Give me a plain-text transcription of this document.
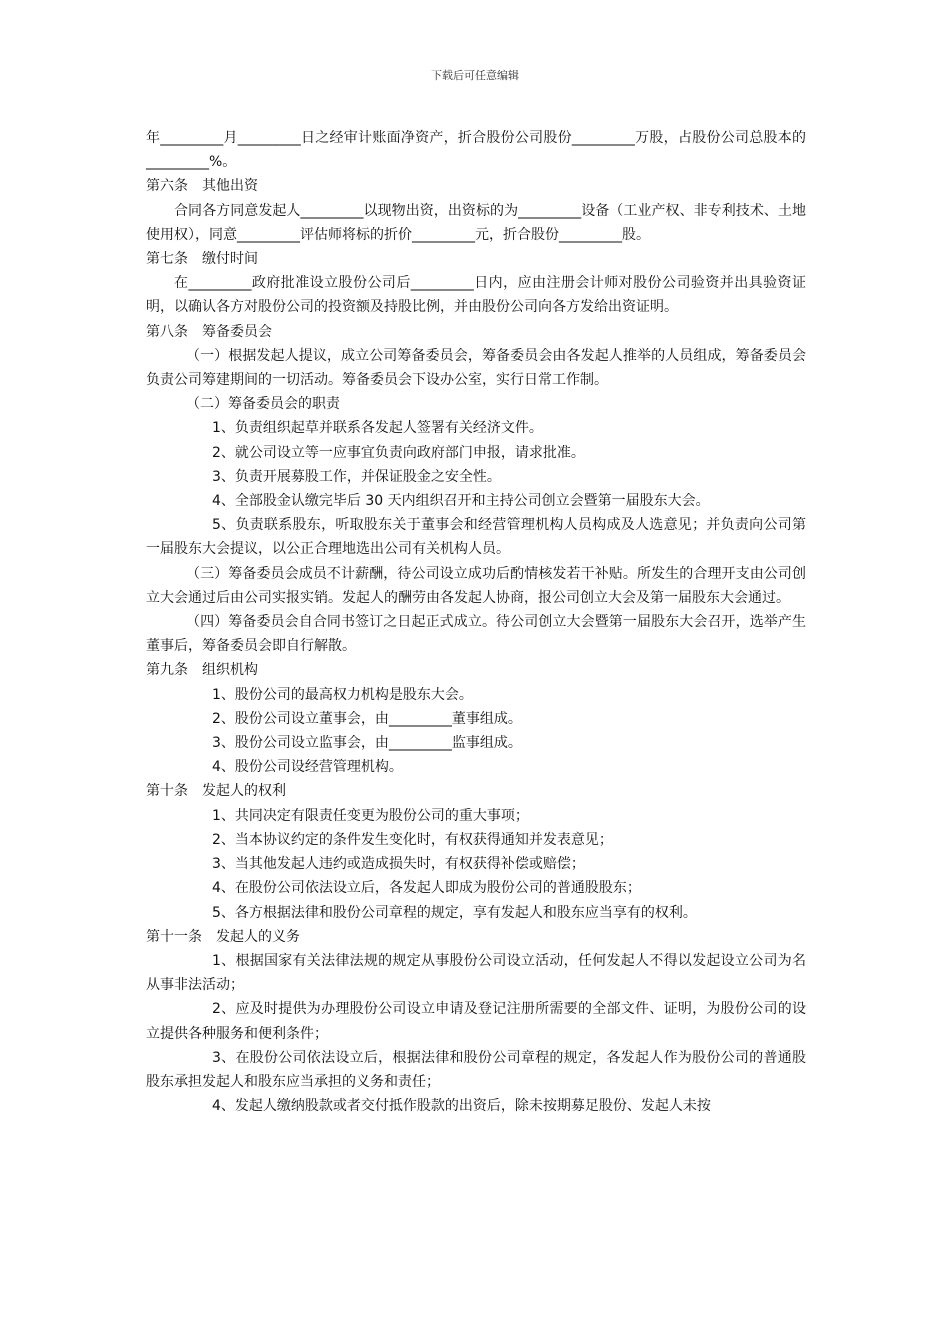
下载后可任意编辑

年_________月_________日之经审计账面净资产，折合股份公司股份_________万股，占股份公司总股本的_________%。

第六条　其他出资

合同各方同意发起人_________以现物出资，出资标的为_________设备（工业产权、非专利技术、土地使用权），同意_________评估师将标的折价_________元，折合股份_________股。

第七条　缴付时间

在_________政府批准设立股份公司后_________日内，应由注册会计师对股份公司验资并出具验资证明，以确认各方对股份公司的投资额及持股比例，并由股份公司向各方发给出资证明。

第八条　筹备委员会

（一）根据发起人提议，成立公司筹备委员会，筹备委员会由各发起人推举的人员组成，筹备委员会负责公司筹建期间的一切活动。筹备委员会下设办公室，实行日常工作制。

（二）筹备委员会的职责

1、负责组织起草并联系各发起人签署有关经济文件。

2、就公司设立等一应事宜负责向政府部门申报，请求批准。

3、负责开展募股工作，并保证股金之安全性。

4、全部股金认缴完毕后 30 天内组织召开和主持公司创立会暨第一届股东大会。

5、负责联系股东，听取股东关于董事会和经营管理机构人员构成及人选意见；并负责向公司第一届股东大会提议，以公正合理地选出公司有关机构人员。

（三）筹备委员会成员不计薪酬，待公司设立成功后酌情核发若干补贴。所发生的合理开支由公司创立大会通过后由公司实报实销。发起人的酬劳由各发起人协商，报公司创立大会及第一届股东大会通过。

（四）筹备委员会自合同书签订之日起正式成立。待公司创立大会暨第一届股东大会召开，选举产生董事后，筹备委员会即自行解散。

第九条　组织机构

1、股份公司的最高权力机构是股东大会。

2、股份公司设立董事会，由_________董事组成。

3、股份公司设立监事会，由_________监事组成。

4、股份公司设经营管理机构。

第十条　发起人的权利

1、共同决定有限责任变更为股份公司的重大事项；

2、当本协议约定的条件发生变化时，有权获得通知并发表意见；

3、当其他发起人违约或造成损失时，有权获得补偿或赔偿；

4、在股份公司依法设立后，各发起人即成为股份公司的普通股股东；

5、各方根据法律和股份公司章程的规定，享有发起人和股东应当享有的权利。

第十一条　发起人的义务

1、根据国家有关法律法规的规定从事股份公司设立活动，任何发起人不得以发起设立公司为名从事非法活动；

2、应及时提供为办理股份公司设立申请及登记注册所需要的全部文件、证明，为股份公司的设立提供各种服务和便利条件；

3、在股份公司依法设立后，根据法律和股份公司章程的规定，各发起人作为股份公司的普通股股东承担发起人和股东应当承担的义务和责任；

4、发起人缴纳股款或者交付抵作股款的出资后，除未按期募足股份、发起人未按
